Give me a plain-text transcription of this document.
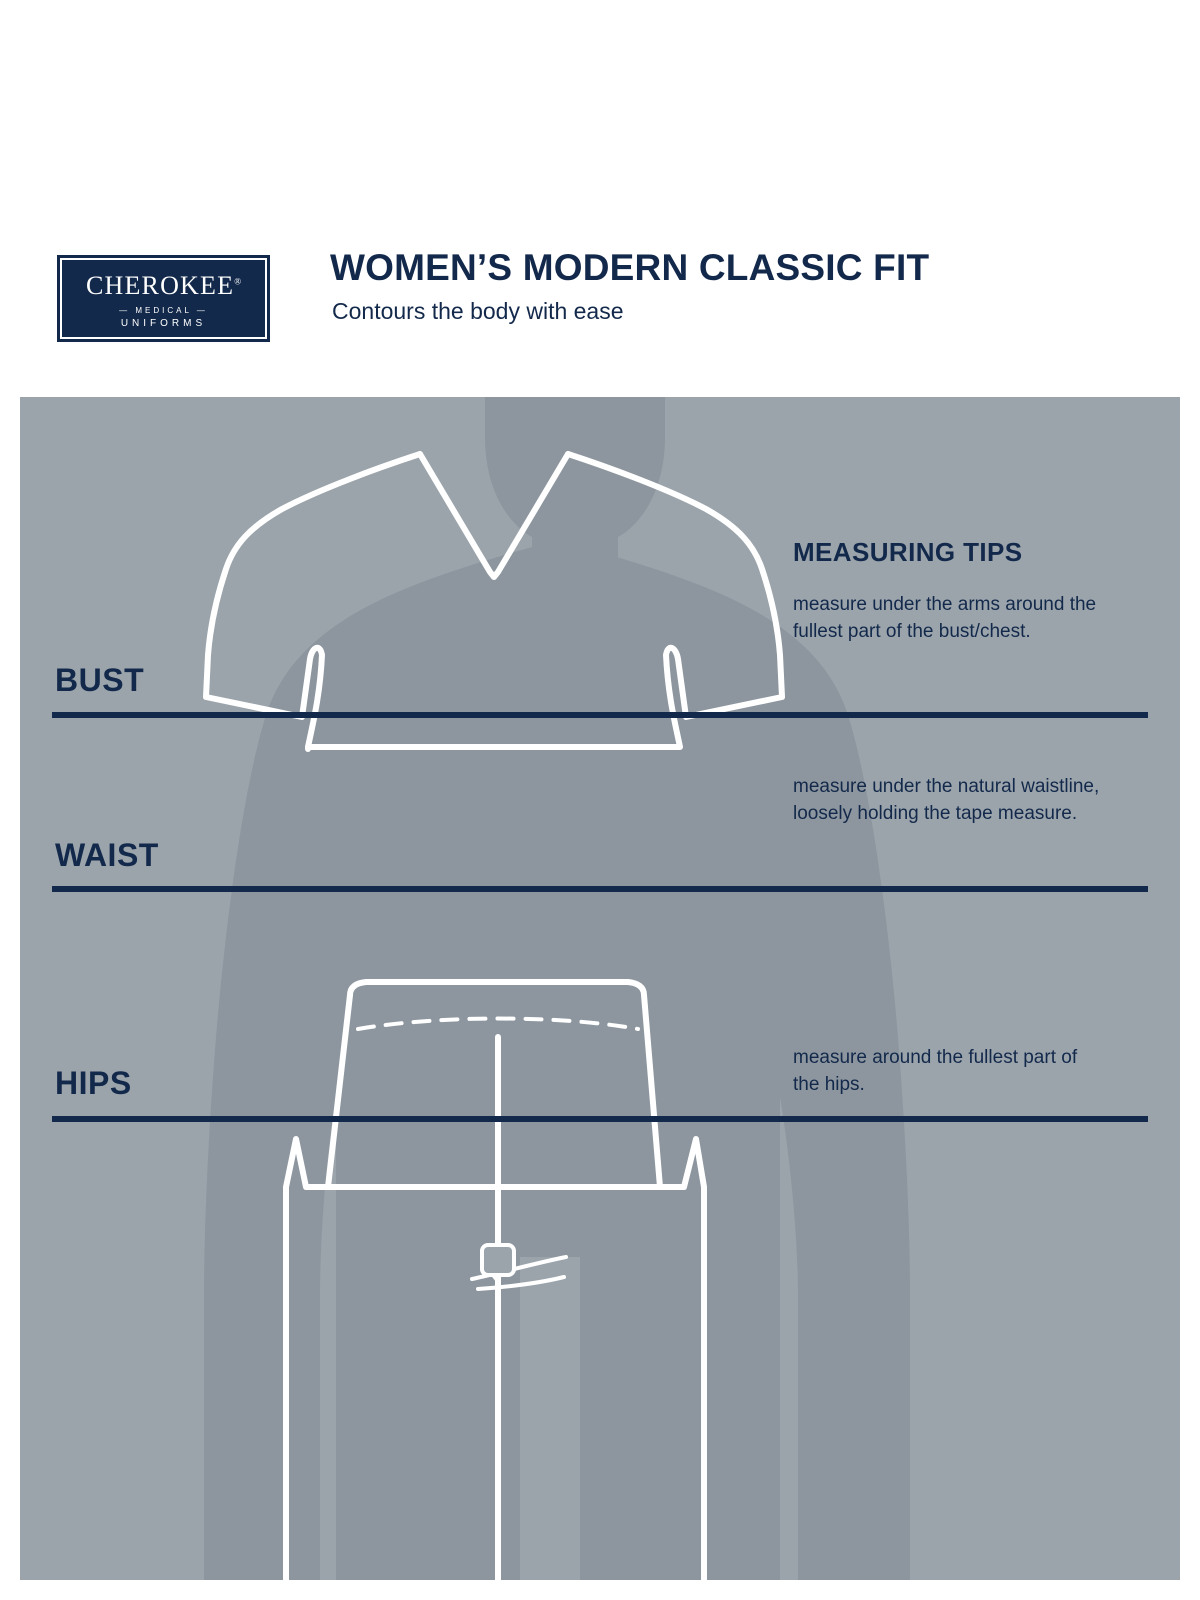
CHEROKEE®
— MEDICAL —
UNIFORMS
WOMEN’S MODERN CLASSIC FIT

Contours the body with ease

BUST
WAIST
HIPS
MEASURING TIPS
measure under the arms around the fullest part of the bust/chest.
measure under the natural waistline, loosely holding the tape measure.
measure around the fullest part of the hips.
